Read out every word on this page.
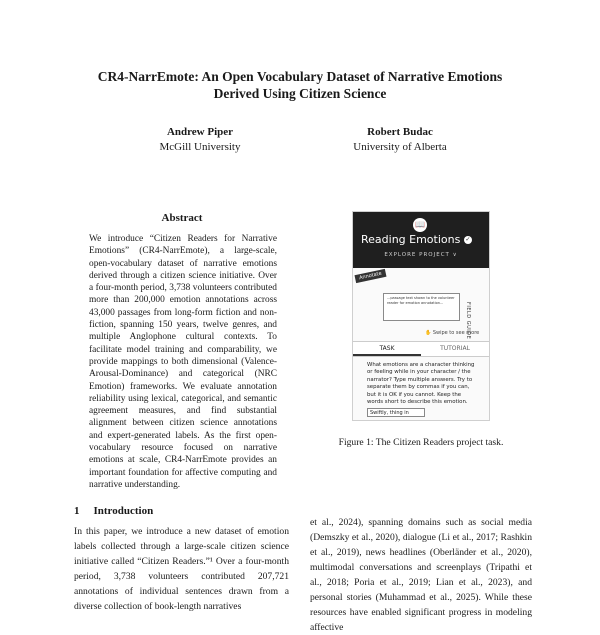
CR4-NarrEmote: An Open Vocabulary Dataset of Narrative Emotions
Derived Using Citizen Science
Andrew Piper
McGill University
Robert Budac
University of Alberta
Abstract
We introduce “Citizen Readers for Narrative Emotions” (CR4-NarrEmote), a large-scale, open-vocabulary dataset of narrative emotions derived through a citizen science initiative. Over a four-month period, 3,738 volunteers contributed more than 200,000 emotion annotations across 43,000 passages from long-form fiction and non-fiction, spanning 150 years, twelve genres, and multiple Anglophone cultural contexts. To facilitate model training and comparability, we provide mappings to both dimensional (Valence-Arousal-Dominance) and categorical (NRC Emotion) frameworks. We evaluate annotation reliability using lexical, categorical, and semantic agreement measures, and find substantial alignment between citizen science annotations and expert-generated labels. As the first open-vocabulary resource focused on narrative emotions at scale, CR4-NarrEmote provides an important foundation for affective computing and narrative understanding.
1 Introduction
In this paper, we introduce a new dataset of emotion labels collected through a large-scale citizen science initiative called “Citizen Readers.”¹ Over a four-month period, 3,738 volunteers contributed 207,721 annotations of individual sentences drawn from a diverse collection of book-length narratives
et al., 2024), spanning domains such as social media (Demszky et al., 2020), dialogue (Li et al., 2017; Rashkin et al., 2019), news headlines (Oberländer et al., 2020), multimodal conversations and screenplays (Tripathi et al., 2018; Poria et al., 2019; Lian et al., 2023), and personal stories (Muhammad et al., 2025). While these resources have enabled significant progress in modeling affective
📖
Reading Emotions ✓
EXPLORE PROJECT ∨
Annotate
...passage text shown to the volunteer reader for emotion annotation...	FIELD GUIDE
✋ Swipe to see more
TASK	TUTORIAL
What emotions are a character thinking or feeling while in your character / the narrator? Type multiple answers. Try to separate them by commas if you can, but it is OK if you cannot. Keep the words short to describe this emotion.
Swiftly, thing in
Figure 1: The Citizen Readers project task.
